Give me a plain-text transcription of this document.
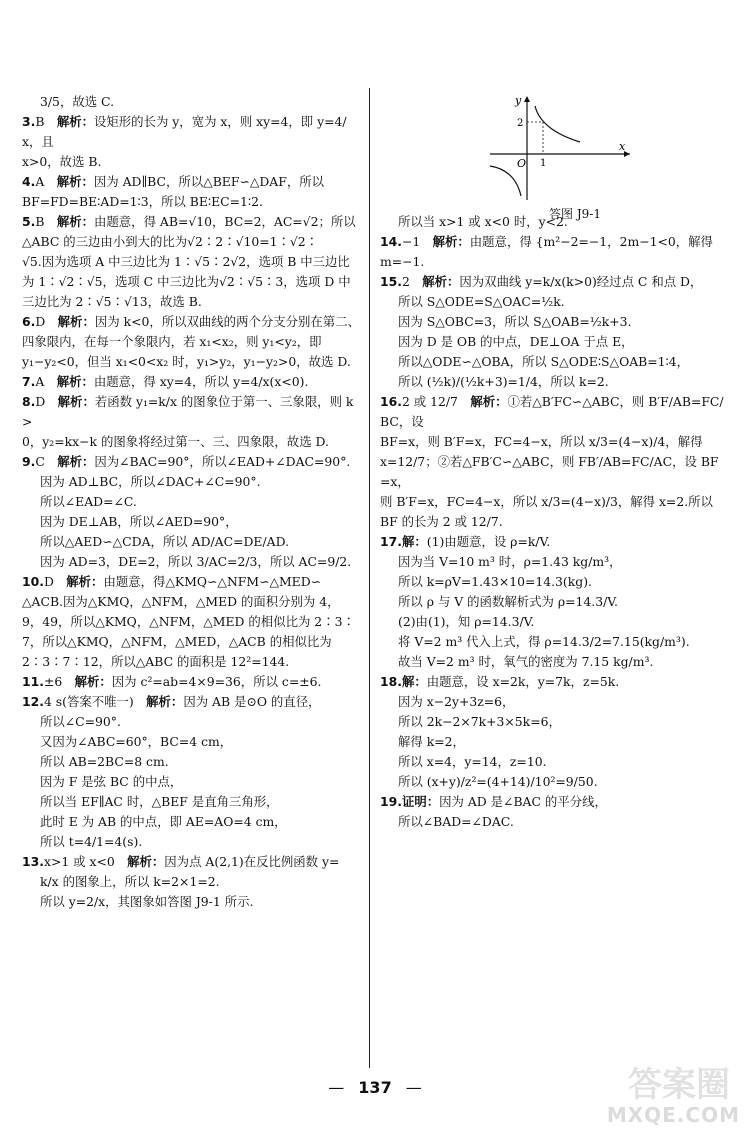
3/5，故选 C.
3.B　解析：设矩形的长为 y，宽为 x，则 xy=4，即 y=4/x，且
x>0，故选 B.
4.A　解析：因为 AD∥BC，所以△BEF∽△DAF，所以
BF=FD=BE∶AD=1∶3，所以 BE∶EC=1∶2.
5.B　解析：由题意，得 AB=√10，BC=2，AC=√2；所以
△ABC 的三边由小到大的比为√2∶2∶√10=1∶√2∶
√5.因为选项 A 中三边比为 1∶√5∶2√2，选项 B 中三边比
为 1∶√2∶√5，选项 C 中三边比为√2∶√5∶3，选项 D 中
三边比为 2∶√5∶√13，故选 B.
6.D　解析：因为 k<0，所以双曲线的两个分支分别在第二、
四象限内，在每一个象限内，若 x₁<x₂，则 y₁<y₂，即
y₁−y₂<0，但当 x₁<0<x₂ 时，y₁>y₂，y₁−y₂>0，故选 D.
7.A　解析：由题意，得 xy=4，所以 y=4/x(x<0).
8.D　解析：若函数 y₁=k/x 的图象位于第一、三象限，则 k>
0，y₂=kx−k 的图象将经过第一、三、四象限，故选 D.
9.C　解析：因为∠BAC=90°，所以∠EAD+∠DAC=90°.
因为 AD⊥BC，所以∠DAC+∠C=90°.
所以∠EAD=∠C.
因为 DE⊥AB，所以∠AED=90°，
所以△AED∽△CDA，所以 AD/AC=DE/AD.
因为 AD=3，DE=2，所以 3/AC=2/3，所以 AC=9/2.
10.D　解析：由题意，得△KMQ∽△NFM∽△MED∽
△ACB.因为△KMQ，△NFM，△MED 的面积分别为 4，
9，49，所以△KMQ，△NFM，△MED 的相似比为 2∶3∶
7，所以△KMQ，△NFM，△MED，△ACB 的相似比为
2∶3∶7∶12，所以△ABC 的面积是 12²=144.
11.±6　解析：因为 c²=ab=4×9=36，所以 c=±6.
12.4 s(答案不唯一)　解析：因为 AB 是⊙O 的直径，
所以∠C=90°.
又因为∠ABC=60°，BC=4 cm，
所以 AB=2BC=8 cm.
因为 F 是弦 BC 的中点，
所以当 EF∥AC 时，△BEF 是直角三角形，
此时 E 为 AB 的中点，即 AE=AO=4 cm，
所以 t=4/1=4(s).
13.x>1 或 x<0　解析：因为点 A(2,1)在反比例函数 y=
k/x 的图象上，所以 k=2×1=2.
所以 y=2/x，其图象如答图 J9-1 所示.
x
y
O 1
2
答图 J9-1
所以当 x>1 或 x<0 时，y<2.
14.−1　解析：由题意，得 {m²−2=−1，2m−1<0，解得 m=−1.
15.2　解析：因为双曲线 y=k/x(k>0)经过点 C 和点 D，
所以 S△ODE=S△OAC=½k.
因为 S△OBC=3，所以 S△OAB=½k+3.
因为 D 是 OB 的中点，DE⊥OA 于点 E，
所以△ODE∽△OBA，所以 S△ODE∶S△OAB=1∶4，
所以 (½k)/(½k+3)=1/4，所以 k=2.
16.2 或 12/7　解析：①若△B′FC∽△ABC，则 B′F/AB=FC/BC，设
BF=x，则 B′F=x，FC=4−x，所以 x/3=(4−x)/4，解得
x=12/7；②若△FB′C∽△ABC，则 FB′/AB=FC/AC，设 BF=x，
则 B′F=x，FC=4−x，所以 x/3=(4−x)/3，解得 x=2.所以
BF 的长为 2 或 12/7.
17.解：(1)由题意，设 ρ=k/V.
因为当 V=10 m³ 时，ρ=1.43 kg/m³，
所以 k=ρV=1.43×10=14.3(kg).
所以 ρ 与 V 的函数解析式为 ρ=14.3/V.
(2)由(1)，知 ρ=14.3/V.
将 V=2 m³ 代入上式，得 ρ=14.3/2=7.15(kg/m³).
故当 V=2 m³ 时，氧气的密度为 7.15 kg/m³.
18.解：由题意，设 x=2k，y=7k，z=5k.
因为 x−2y+3z=6，
所以 2k−2×7k+3×5k=6，
解得 k=2，
所以 x=4，y=14，z=10.
所以 (x+y)/z²=(4+14)/10²=9/50.
19.证明：因为 AD 是∠BAC 的平分线，
所以∠BAD=∠DAC.
— 137 —	答案圈
MXQE.COM
